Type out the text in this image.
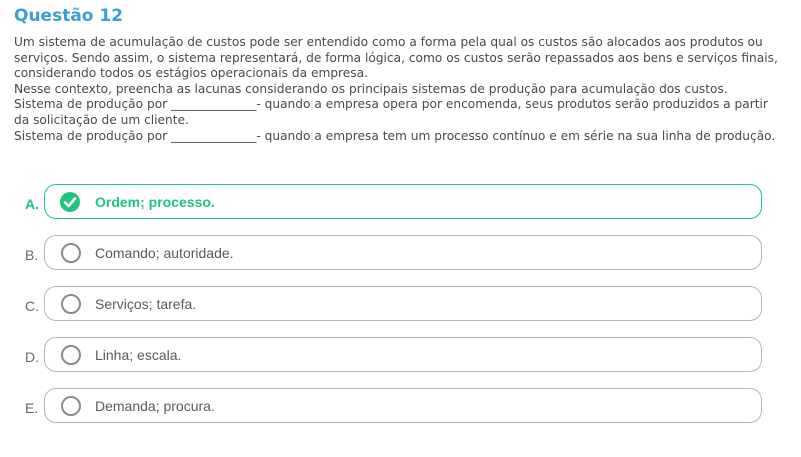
Questão 12

Um sistema de acumulação de custos pode ser entendido como a forma pela qual os custos são alocados aos produtos ou

serviços. Sendo assim, o sistema representará, de forma lógica, como os custos serão repassados aos bens e serviços finais,

considerando todos os estágios operacionais da empresa.

Nesse contexto, preencha as lacunas considerando os principais sistemas de produção para acumulação dos custos.

Sistema de produção por ______________- quando a empresa opera por encomenda, seus produtos serão produzidos a partir

da solicitação de um cliente.

Sistema de produção por ______________- quando a empresa tem um processo contínuo e em série na sua linha de produção.

A.	Ordem; processo.
B.	Comando; autoridade.
C.	Serviços; tarefa.
D.	Linha; escala.
E.	Demanda; procura.
